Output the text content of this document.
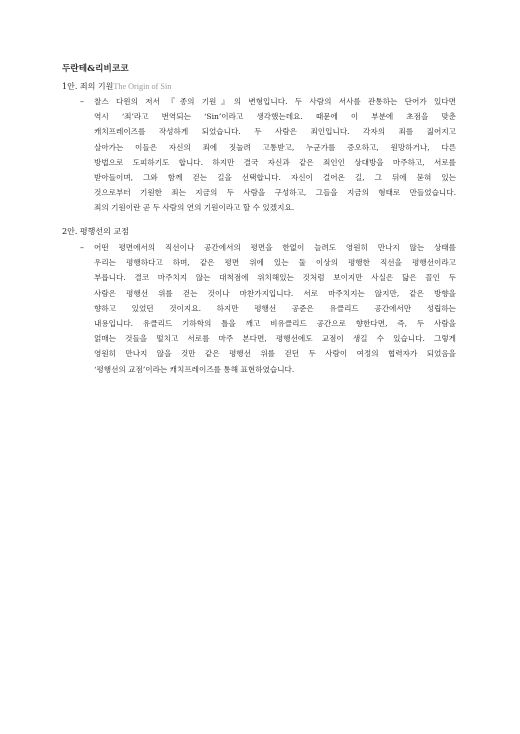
두란테&리비코코
1안. 죄의 기원The Origin of Sin
– 찰스 다윈의 저서 『종의 기원』의 변형입니다. 두 사람의 서사를 관통하는 단어가 있다면
역시 ‘죄’라고 번역되는 ‘Sin’이라고 생각했는데요. 때문에 이 부분에 초점을 맞춘
캐치프레이즈를 작성하게 되었습니다. 두 사람은 죄인입니다. 각자의 죄를 짊어지고
살아가는 이들은 자신의 죄에 짓눌려 고통받고, 누군가를 증오하고, 원망하거나, 다른
방법으로 도피하기도 합니다. 하지만 결국 자신과 같은 죄인인 상대방을 마주하고, 서로를
받아들이며, 그와 함께 걷는 길을 선택합니다. 자신이 걸어온 길, 그 뒤에 묻혀 있는
것으로부터 기원한 죄는 지금의 두 사람을 구성하고, 그들을 지금의 형태로 만들었습니다.
죄의 기원이란 곧 두 사람의 연의 기원이라고 할 수 있겠지요.
2안. 평행선의 교점
– 어떤 평면에서의 직선이나 공간에서의 평면을 한없이 늘려도 영원히 만나지 않는 상태를
우리는 평행하다고 하며, 같은 평면 위에 있는 둘 이상의 평행한 직선을 평행선이라고
부릅니다. 결코 마주치지 않는 대척점에 위치해있는 것처럼 보이지만 사실은 닮은 꼴인 두
사람은 평행선 위를 걷는 것이나 마찬가지입니다. 서로 마주치지는 않지만, 같은 방향을
향하고 있었던 것이지요. 하지만 평행선 공준은 유클리드 공간에서만 성립하는
내용입니다. 유클리드 기하학의 틀을 깨고 비유클리드 공간으로 향한다면, 즉, 두 사람을
얽매는 것들을 떨치고 서로를 마주 본다면, 평행선에도 교점이 생길 수 있습니다. 그렇게
영원히 만나지 않을 것만 같은 평행선 위를 걷던 두 사람이 여정의 협력자가 되었음을
‘평행선의 교점’이라는 캐치프레이즈를 통해 표현하였습니다.
